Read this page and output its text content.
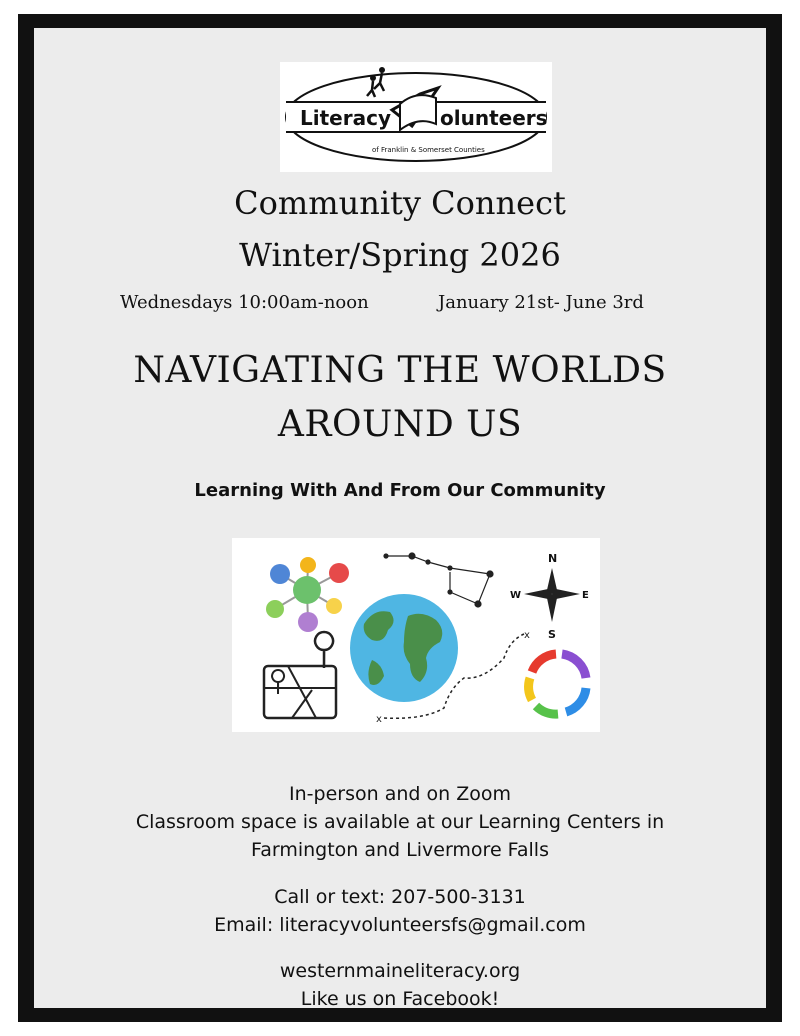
Literacy olunteers
of Franklin & Somerset Counties
Community Connect
Winter/Spring 2026
Wednesdays 10:00am-noon	January 21st- June 3rd
NAVIGATING THE WORLDS
AROUND US
Learning With And From Our Community
N
S
E
W
x
x
In-person and on Zoom
Classroom space is available at our Learning Centers in
Farmington and Livermore Falls
Call or text: 207-500-3131
Email: literacyvolunteersfs@gmail.com
westernmaineliteracy.org
Like us on Facebook!
